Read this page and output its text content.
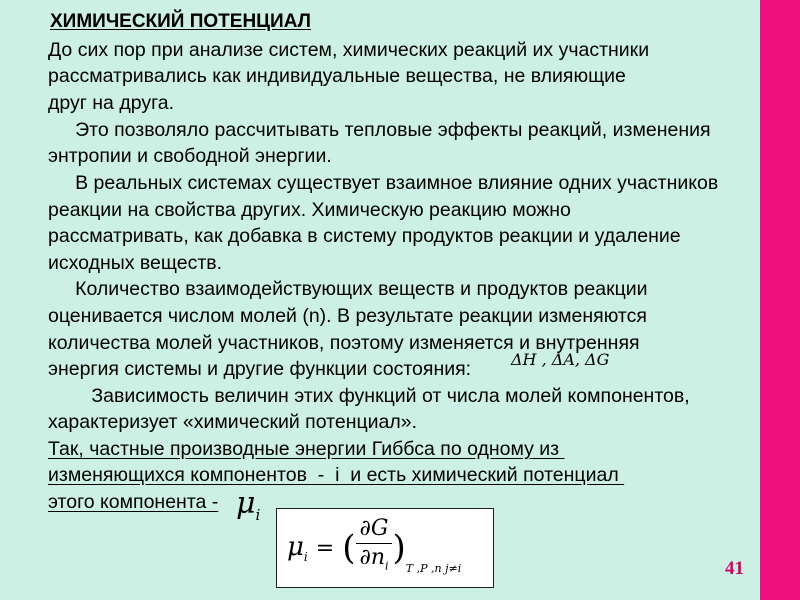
ХИМИЧЕСКИЙ ПОТЕНЦИАЛ
До сих пор при анализе систем, химических реакций их участники
рассматривались как индивидуальные вещества, не влияющие
друг на друга.
Это позволяло рассчитывать тепловые эффекты реакций, изменения
энтропии и свободной энергии.
В реальных системах существует взаимное влияние одних участников
реакции на свойства других. Химическую реакцию можно
рассматривать, как добавка в систему продуктов реакции и удаление
исходных веществ.
Количество взаимодействующих веществ и продуктов реакции
оценивается числом молей (n). В результате реакции изменяются
количества молей участников, поэтому изменяется и внутренняя
энергия системы и другие функции состояния:
Зависимость величин этих функций от числа молей компонентов,
характеризует «химический потенциал».
Так, частные производные энергии Гиббса по одному из
изменяющихся компонентов  -  i  и есть химический потенциал
этого компонента -
ΔH , ΔA, ΔG
$\mu_i$
$\mu_i$ = ( $\frac{\partial G}{\partial n_i}$ )
T ,P ,n j≠i	41
